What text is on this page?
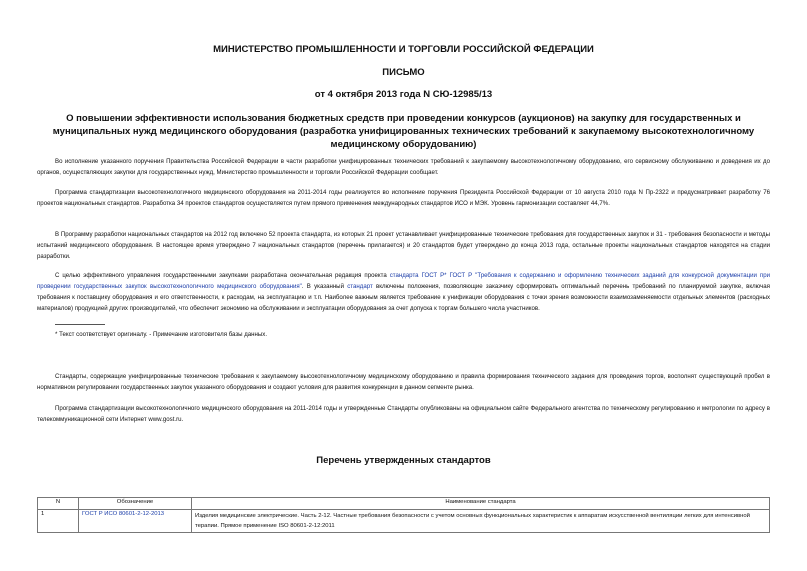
МИНИСТЕРСТВО ПРОМЫШЛЕННОСТИ И ТОРГОВЛИ РОССИЙСКОЙ ФЕДЕРАЦИИ
ПИСЬМО
от 4 октября 2013 года N СЮ-12985/13
О повышении эффективности использования бюджетных средств при проведении конкурсов (аукционов) на закупку для государственных и муниципальных нужд медицинского оборудования (разработка унифицированных технических требований к закупаемому высокотехнологичному медицинскому оборудованию)
Во исполнение указанного поручения Правительства Российской Федерации в части разработки унифицированных технических требований к закупаемому высокотехнологичному оборудованию, его сервисному обслуживанию и доведения их до органов, осуществляющих закупки для государственных нужд, Министерство промышленности и торговли Российской Федерации сообщает.
Программа стандартизации высокотехнологичного медицинского оборудования на 2011-2014 годы реализуется во исполнение поручения Президента Российской Федерации от 10 августа 2010 года N Пр-2322 и предусматривает разработку 76 проектов национальных стандартов. Разработка 34 проектов стандартов осуществляется путем прямого применения международных стандартов ИСО и МЭК. Уровень гармонизации составляет 44,7%.
В Программу разработки национальных стандартов на 2012 год включено 52 проекта стандарта, из которых 21 проект устанавливает унифицированные технические требования для государственных закупок и 31 - требования безопасности и методы испытаний медицинского оборудования. В настоящее время утверждено 7 национальных стандартов (перечень прилагается) и 20 стандартов будет утверждено до конца 2013 года, остальные проекты национальных стандартов находятся на стадии разработки.
С целью эффективного управления государственными закупками разработана окончательная редакция проекта стандарта ГОСТ Р* ГОСТ Р "Требования к содержанию и оформлению технических заданий для конкурсной документации при проведении государственных закупок высокотехнологичного медицинского оборудования". В указанный стандарт включены положения, позволяющие заказчику сформировать оптимальный перечень требований по планируемой закупке, включая требования к поставщику оборудования и его ответственности, к расходам, на эксплуатацию и т.п. Наиболее важным является требование к унификации оборудования с точки зрения возможности взаимозаменяемости отдельных элементов (расходных материалов) продукцией других производителей, что обеспечит экономию на обслуживании и эксплуатации оборудования за счет допуска к торгам большего числа участников.
* Текст соответствует оригиналу. - Примечание изготовителя базы данных.
Стандарты, содержащие унифицированные технические требования к закупаемому высокотехнологичному медицинскому оборудованию и правила формирования технического задания для проведения торгов, восполнят существующий пробел в нормативном регулировании государственных закупок указанного оборудования и создают условия для развития конкуренции в данном сегменте рынка.
Программа стандартизации высокотехнологичного медицинского оборудования на 2011-2014 годы и утвержденные Стандарты опубликованы на официальном сайте Федерального агентства по техническому регулированию и метрологии по адресу в телекоммуникационной сети Интернет www.gost.ru.
Перечень утвержденных стандартов
N	Обозначение	Наименование стандарта
1	ГОСТ Р ИСО 80601-2-12-2013	Изделия медицинские электрические. Часть 2-12. Частные требования безопасности с учетом основных функциональных характеристик к аппаратам искусственной вентиляции легких для интенсивной терапии. Прямое применение ISO 80601-2-12:2011
